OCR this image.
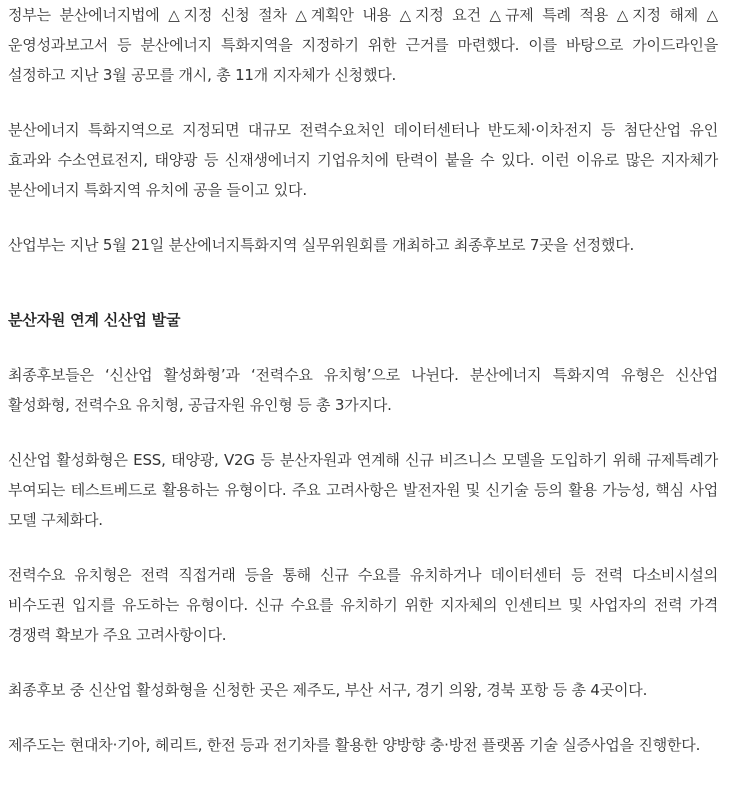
정부는 분산에너지법에 △지정 신청 절차 △계획안 내용 △지정 요건 △규제 특례 적용 △지정 해제 △운영성과보고서 등 분산에너지 특화지역을 지정하기 위한 근거를 마련했다. 이를 바탕으로 가이드라인을 설정하고 지난 3월 공모를 개시, 총 11개 지자체가 신청했다.

분산에너지 특화지역으로 지정되면 대규모 전력수요처인 데이터센터나 반도체·이차전지 등 첨단산업 유인 효과와 수소연료전지, 태양광 등 신재생에너지 기업유치에 탄력이 붙을 수 있다. 이런 이유로 많은 지자체가 분산에너지 특화지역 유치에 공을 들이고 있다.

산업부는 지난 5월 21일 분산에너지특화지역 실무위원회를 개최하고 최종후보로 7곳을 선정했다.

분산자원 연계 신산업 발굴

최종후보들은 ‘신산업 활성화형’과 ‘전력수요 유치형’으로 나뉜다. 분산에너지 특화지역 유형은 신산업 활성화형, 전력수요 유치형, 공급자원 유인형 등 총 3가지다.

신산업 활성화형은 ESS, 태양광, V2G 등 분산자원과 연계해 신규 비즈니스 모델을 도입하기 위해 규제특례가 부여되는 테스트베드로 활용하는 유형이다. 주요 고려사항은 발전자원 및 신기술 등의 활용 가능성, 핵심 사업 모델 구체화다.

전력수요 유치형은 전력 직접거래 등을 통해 신규 수요를 유치하거나 데이터센터 등 전력 다소비시설의 비수도권 입지를 유도하는 유형이다. 신규 수요를 유치하기 위한 지자체의 인센티브 및 사업자의 전력 가격 경쟁력 확보가 주요 고려사항이다.

최종후보 중 신산업 활성화형을 신청한 곳은 제주도, 부산 서구, 경기 의왕, 경북 포항 등 총 4곳이다.

제주도는 현대차·기아, 헤리트, 한전 등과 전기차를 활용한 양방향 충·방전 플랫폼 기술 실증사업을 진행한다.
